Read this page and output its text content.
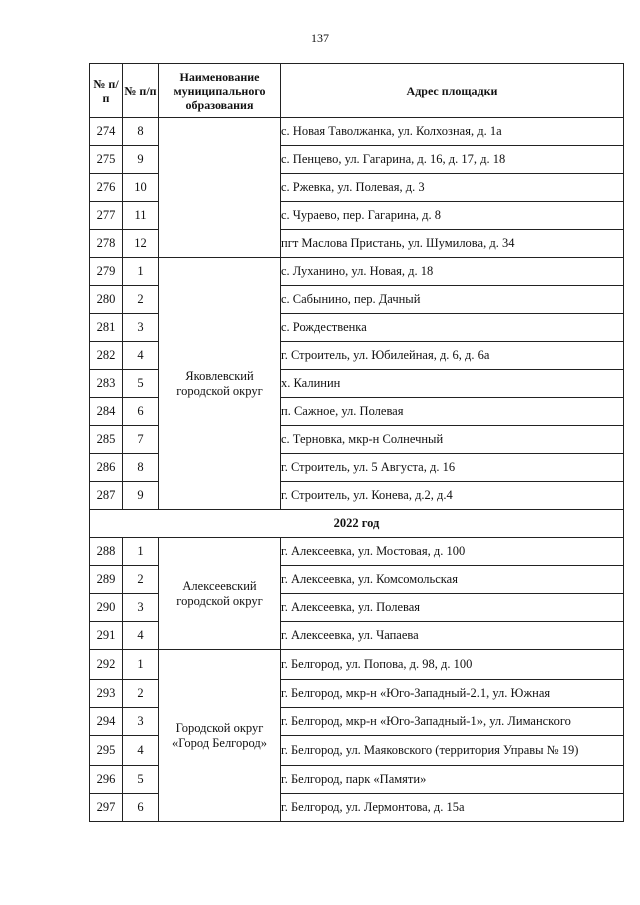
137
№ п/п	№ п/п	Наименование муниципального образования	Адрес площадки
274	8		с. Новая Таволжанка, ул. Колхозная, д. 1а
275	9		с. Пенцево, ул. Гагарина, д. 16, д. 17, д. 18
276	10		с. Ржевка, ул. Полевая, д. 3
277	11		с. Чураево, пер. Гагарина, д. 8
278	12		пгт Маслова Пристань, ул. Шумилова, д. 34
279	1	Яковлевский городской округ	с. Луханино, ул. Новая, д. 18
280	2		с. Сабынино, пер. Дачный
281	3		с. Рождественка
282	4		г. Строитель, ул. Юбилейная, д. 6, д. 6а
283	5		х. Калинин
284	6		п. Сажное, ул. Полевая
285	7		с. Терновка, мкр-н Солнечный
286	8		г. Строитель, ул. 5 Августа, д. 16
287	9		г. Строитель, ул. Конева, д.2, д.4
2022 год			
288	1	Алексеевский городской округ	г. Алексеевка, ул. Мостовая, д. 100
289	2		г. Алексеевка, ул. Комсомольская
290	3		г. Алексеевка, ул. Полевая
291	4		г. Алексеевка, ул. Чапаева
292	1	Городской округ «Город Белгород»	г. Белгород, ул. Попова, д. 98, д. 100
293	2		г. Белгород, мкр-н «Юго-Западный-2.1, ул. Южная
294	3		г. Белгород, мкр-н «Юго-Западный-1», ул. Лиманского
295	4		г. Белгород, ул. Маяковского (территория Управы № 19)
296	5		г. Белгород, парк «Памяти»
297	6		г. Белгород, ул. Лермонтова, д. 15а
